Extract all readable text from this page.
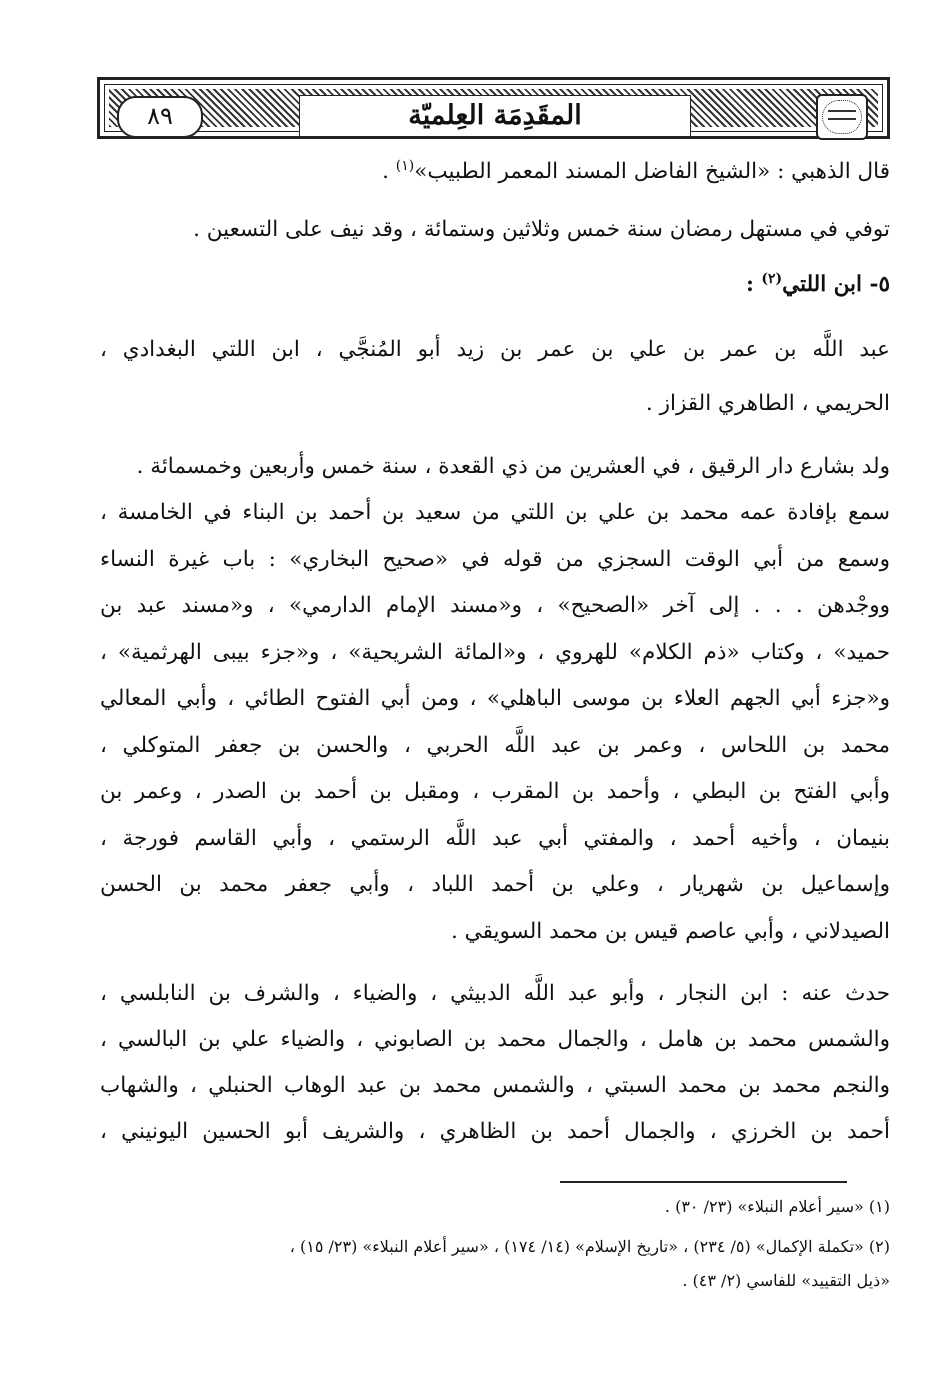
٨٩	المقَدِمَة العِلميّة
قال الذهبي : «الشيخ الفاضل المسند المعمر الطبيب»$^{(١)}$ .
توفي في مستهل رمضان سنة خمس وثلاثين وستمائة ، وقد نيف على التسعين .
٥- ابن اللتي$^{(٢)}$ :
عبد اللَّه بن عمر بن علي بن عمر بن زيد أبو المُنجَّي ، ابن اللتي البغدادي ،
الحريمي ، الطاهري القزاز .
ولد بشارع دار الرقيق ، في العشرين من ذي القعدة ، سنة خمس وأربعين وخمسمائة .
سمع بإفادة عمه محمد بن علي بن اللتي من سعيد بن أحمد بن البناء في الخامسة ،
وسمع من أبي الوقت السجزي من قوله في «صحيح البخاري» : باب غيرة النساء
ووجْدهن . . . إلى آخر «الصحيح» ، و«مسند الإمام الدارمي» ، و«مسند عبد بن
حميد» ، وكتاب «ذم الكلام» للهروي ، و«المائة الشريحية» ، و«جزء بيبى الهرثمية» ،
و«جزء أبي الجهم العلاء بن موسى الباهلي» ، ومن أبي الفتوح الطائي ، وأبي المعالي
محمد بن اللحاس ، وعمر بن عبد اللَّه الحربي ، والحسن بن جعفر المتوكلي ،
وأبي الفتح بن البطي ، وأحمد بن المقرب ، ومقبل بن أحمد بن الصدر ، وعمر بن
بنيمان ، وأخيه أحمد ، والمفتي أبي عبد اللَّه الرستمي ، وأبي القاسم فورجة ،
وإسماعيل بن شهريار ، وعلي بن أحمد اللباد ، وأبي جعفر محمد بن الحسن
الصيدلاني ، وأبي عاصم قيس بن محمد السويقي .
حدث عنه : ابن النجار ، وأبو عبد اللَّه الدبيثي ، والضياء ، والشرف بن النابلسي ،
والشمس محمد بن هامل ، والجمال محمد بن الصابوني ، والضياء علي بن البالسي ،
والنجم محمد بن محمد السبتي ، والشمس محمد بن عبد الوهاب الحنبلي ، والشهاب
أحمد بن الخرزي ، والجمال أحمد بن الظاهري ، والشريف أبو الحسين اليونيني ،
(١) «سير أعلام النبلاء» (٢٣/ ٣٠) .
(٢) «تكملة الإكمال» (٥/ ٢٣٤) ، «تاريخ الإسلام» (١٤/ ١٧٤) ، «سير أعلام النبلاء» (٢٣/ ١٥) ،
«ذيل التقييد» للفاسي (٢/ ٤٣) .
